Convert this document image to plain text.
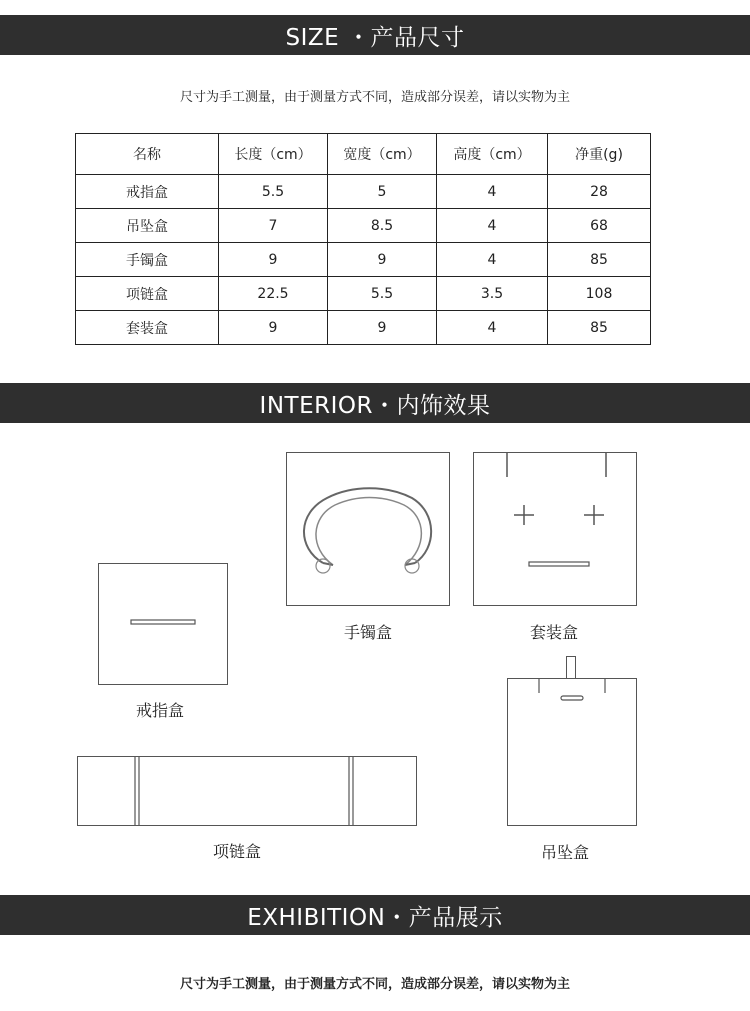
SIZE ・产品尺寸
尺寸为手工测量，由于测量方式不同，造成部分误差，请以实物为主
名称	长度（cm）	宽度（cm）	高度（cm）	净重(g)
戒指盒	5.5	5	4	28
吊坠盒	7	8.5	4	68
手镯盒	9	9	4	85
项链盒	22.5	5.5	3.5	108
套装盒	9	9	4	85
INTERIOR・内饰效果
手镯盒	套装盒
戒指盒
吊坠盒
项链盒
EXHIBITION・产品展示
尺寸为手工测量，由于测量方式不同，造成部分误差，请以实物为主
